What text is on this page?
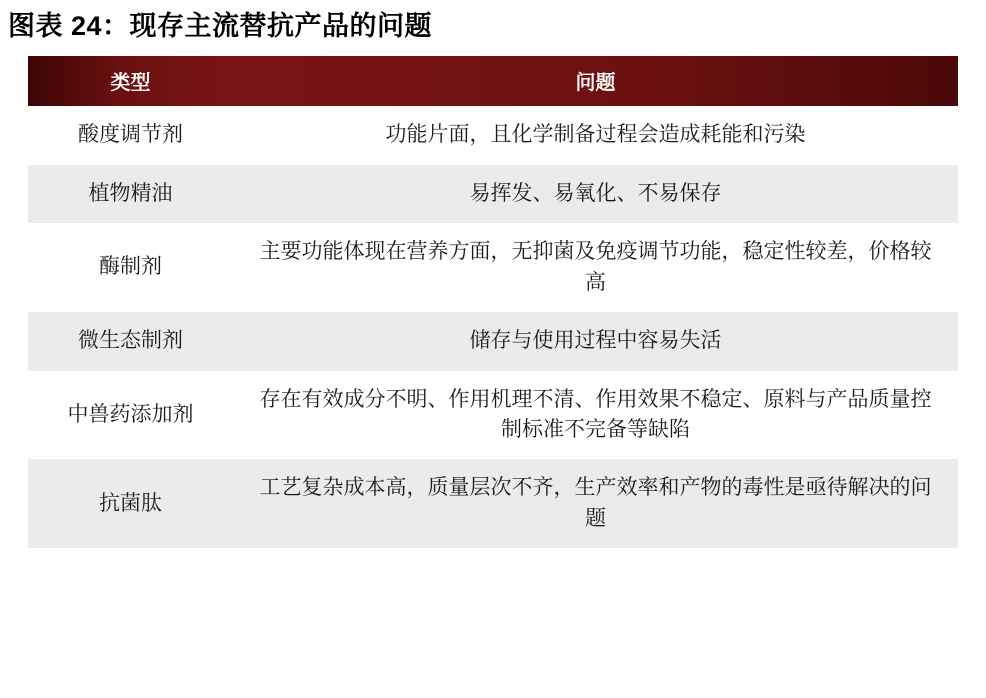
图表 24：现存主流替抗产品的问题
类型	问题
酸度调节剂	功能片面，且化学制备过程会造成耗能和污染
植物精油	易挥发、易氧化、不易保存
酶制剂	主要功能体现在营养方面，无抑菌及免疫调节功能，稳定性较差，价格较高
微生态制剂	储存与使用过程中容易失活
中兽药添加剂	存在有效成分不明、作用机理不清、作用效果不稳定、原料与产品质量控制标准不完备等缺陷
抗菌肽	工艺复杂成本高，质量层次不齐，生产效率和产物的毒性是亟待解决的问题
